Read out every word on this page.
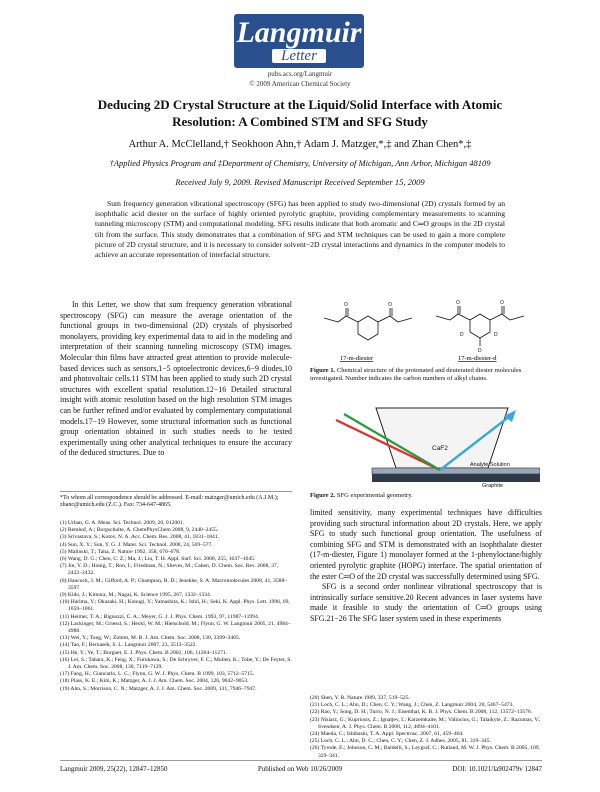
Langmuir
Letter
pubs.acs.org/Langmuir
© 2009 American Chemical Society
Deducing 2D Crystal Structure at the Liquid/Solid Interface with Atomic
Resolution: A Combined STM and SFG Study
Arthur A. McClelland,† Seokhoon Ahn,† Adam J. Matzger,*,‡ and Zhan Chen*,‡
†Applied Physics Program and ‡Department of Chemistry, University of Michigan, Ann Arbor, Michigan 48109
Received July 9, 2009. Revised Manuscript Received September 15, 2009
Sum frequency generation vibrational spectroscopy (SFG) has been applied to study two-dimensional (2D) crystals formed by an isophthalic acid diester on the surface of highly oriented pyrolytic graphite, providing complementary measurements to scanning tunneling microscopy (STM) and computational modeling. SFG results indicate that both aromatic and C═O groups in the 2D crystal tilt from the surface. This study demonstrates that a combination of SFG and STM techniques can be used to gain a more complete picture of 2D crystal structure, and it is necessary to consider solvent−2D crystal interactions and dynamics in the computer models to achieve an accurate representation of interfacial structure.
In this Letter, we show that sum frequency generation vibrational spectroscopy (SFG) can measure the average orientation of the functional groups in two-dimensional (2D) crystals of physisorbed monolayers, providing key experimental data to aid in the modeling and interpretation of their scanning tunneling microscopy (STM) images. Molecular thin films have attracted great attention to provide molecule-based devices such as sensors,1−5 optoelectronic devices,6−9 diodes,10 and photovoltaic cells.11 STM has been applied to study such 2D crystal structures with excellent spatial resolution.12−16 Detailed structural insight with atomic resolution based on the high resolution STM images can be further refined and/or evaluated by complementary computational models.17−19 However, some structural information such as functional group orientation obtained in such studies needs to be tested experimentally using other analytical techniques to ensure the accuracy of the deduced structures. Due to

*To whom all correspondence should be addressed. E-mail: matzger@umich.edu (A.J.M.); zhanc@umich.edu (Z.C.). Fax: 734-647-4865.

(1) Urban, G. A. Meas. Sci. Technol. 2009, 20, 012001.

(2) Remhof, A.; Borgschulte, A. ChemPhysChem 2008, 9, 2440–2455.

(3) Srivastava, S.; Kotov, N. A. Acc. Chem. Res. 2008, 41, 1831–1841.

(4) Sun, X. Y.; Sun, Y. G. J. Mater. Sci. Technol. 2008, 24, 569–577.

(5) Malinski, T.; Taha, Z. Nature 1992, 358, 676–678.

(6) Wang, D. G.; Chen, C. Z.; Ma, J.; Liu, T. H. Appl. Surf. Sci. 2008, 255, 1637–1645.

(7) Jin, Y. D.; Honig, T.; Ron, I.; Friedman, N.; Sheves, M.; Cahen, D. Chem. Soc. Rev. 2008, 37, 2422–2432.

(8) Hancock, J. M.; Gifford, A. P.; Champion, R. D.; Jenekhe, S. A. Macromolecules 2008, 41, 3588–3597.

(9) Kido, J.; Kimura, M.; Nagai, K. Science 1995, 267, 1332–1334.

(10) Harima, Y.; Okazaki, H.; Kunugi, Y.; Yamashita, K.; Ishii, H.; Seki, K. Appl. Phys. Lett. 1996, 69, 1059–1061.

(11) Heimer, T. A.; Bignozzi, C. A.; Meyer, G. J. J. Phys. Chem. 1993, 97, 11987–11994.

(12) Lackinger, M.; Griessl, S.; Heckl, W. M.; Hietschold, M.; Flynn, G. W. Langmuir 2005, 21, 4984–4988.

(13) Wei, Y.; Tong, W.; Zimmt, M. B. J. Am. Chem. Soc. 2008, 130, 3399–3405.

(14) Tao, F.; Bernasek, S. L. Langmuir 2007, 23, 3513–3522.

(15) He, Y.; Ye, T.; Borguet, E. J. Phys. Chem. B 2002, 106, 11264–11271.

(16) Lei, S.; Tahara, K.; Feng, X.; Furukawa, S.; De Schryver, F. C.; Mullen, K.; Tobe, Y.; De Feyter, S. J. Am. Chem. Soc. 2008, 130, 7119–7129.

(17) Fang, H.; Giancarlo, L. C.; Flynn, G. W. J. Phys. Chem. B 1999, 103, 5712–5715.

(18) Plass, K. E.; Kim, K.; Matzger, A. J. J. Am. Chem. Soc. 2004, 126, 9042–9053.

(19) Ahn, S.; Morrison, C. N.; Matzger, A. J. J. Am. Chem. Soc. 2009, 131, 7946–7947.

O	O	O	O
D
D	D
17-m-diester	17-m-diester-d
Figure 1. Chemical structure of the protonated and deuterated diester molecules investigated. Number indicates the carbon numbers of alkyl chains.
CaF2
Analyte Solution
Graphite
Figure 2. SFG experimental geometry.
limited sensitivity, many experimental techniques have difficulties providing such structural information about 2D crystals. Here, we apply SFG to study such functional group orientation. The usefulness of combining SFG and STM is demonstrated with an isophthalate diester (17-m-diester, Figure 1) monolayer formed at the 1-phenyloctane/highly oriented pyrolytic graphite (HOPG) interface. The spatial orientation of the ester C═O of the 2D crystal was successfully determined using SFG.
SFG is a second order nonlinear vibrational spectroscopy that is intrinsically surface sensitive.20 Recent advances in laser systems have made it feasible to study the orientation of C═O groups using SFG.21−26 The SFG laser system used in these experiments

(20) Shen, Y. R. Nature 1989, 337, 519–525.

(21) Loch, C. L.; Ahn, D.; Chen, C. Y.; Wang, J.; Chen, Z. Langmuir 2004, 20, 5467–5473.

(22) Rao, Y.; Song, D. H.; Turro, N. J.; Eisenthal, K. B. J. Phys. Chem. B 2008, 112, 13572–13576.

(23) Nisiarz, G.; Kupriosis, Z.; Ignatjev, I.; Karzemkaite, M.; Valincius, G.; Talaikyte, Z.; Razumas, V.; Svendsen, A. J. Phys. Chem. B 2008, 112, 4094–4101.

(24) Maeda, C.; Ishibashi, T. A. Appl. Spectrosc. 2007, 61, 459–464.

(25) Loch, C. L.; Ahn, D. C.; Chen, C. Y.; Chen, Z. J. Adhes. 2005, 81, 319–345.

(26) Tyrode, E.; Johnson, C. M.; Baldelli, S.; Leygraf, C.; Rutland, M. W. J. Phys. Chem. B 2005, 109, 329–341.

Langmuir 2009, 25(22), 12847–12850	Published on Web 10/26/2009	DOI: 10.1021/la902479v 12847
